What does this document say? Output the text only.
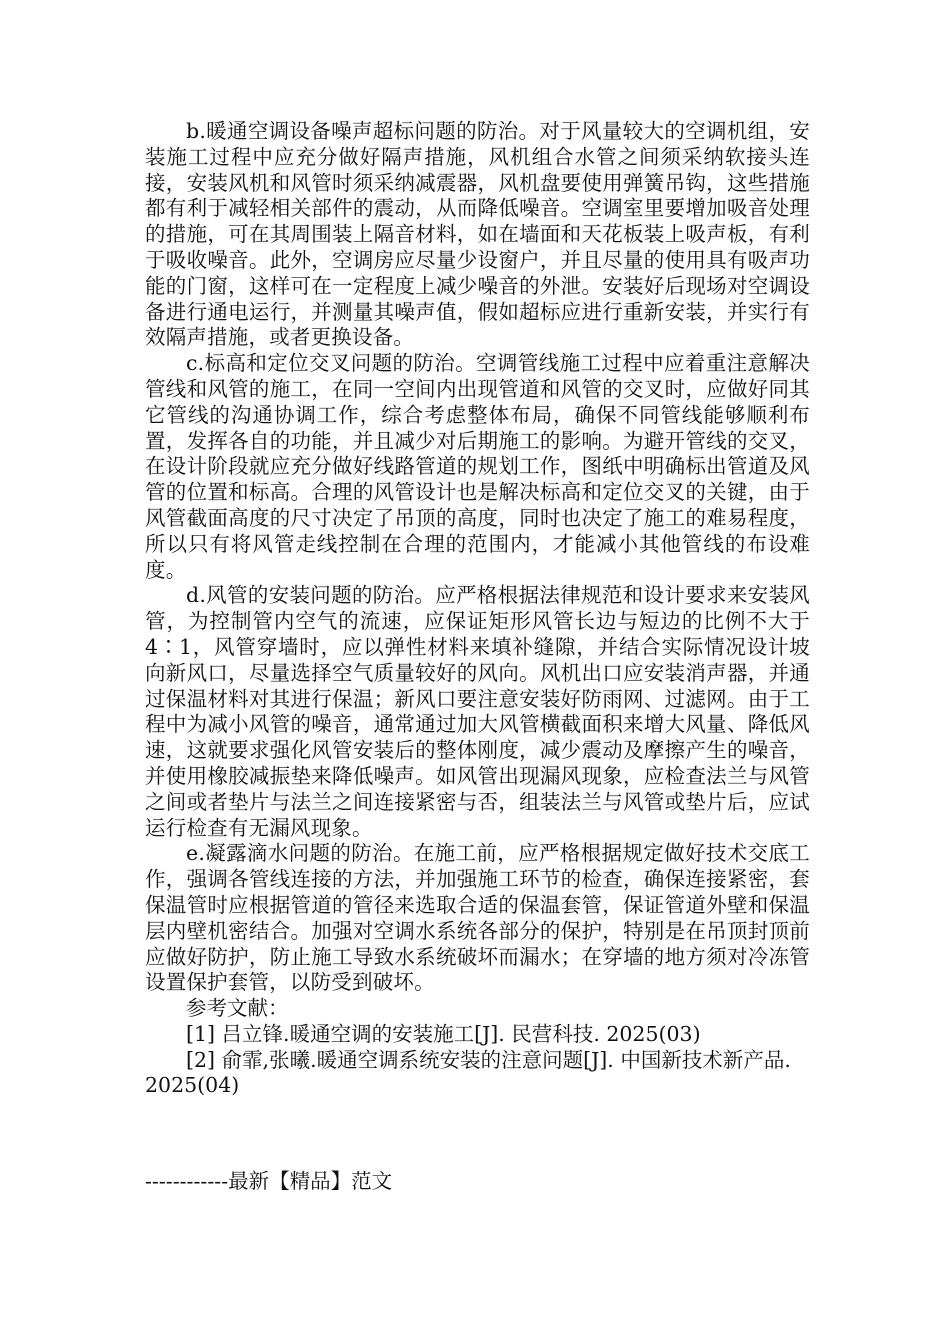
b.暖通空调设备噪声超标问题的防治。对于风量较大的空调机组，安装施工过程中应充分做好隔声措施，风机组合水管之间须采纳软接头连接，安装风机和风管时须采纳减震器，风机盘要使用弹簧吊钩，这些措施都有利于减轻相关部件的震动，从而降低噪音。空调室里要增加吸音处理的措施，可在其周围装上隔音材料，如在墙面和天花板装上吸声板，有利于吸收噪音。此外，空调房应尽量少设窗户，并且尽量的使用具有吸声功能的门窗，这样可在一定程度上减少噪音的外泄。安装好后现场对空调设备进行通电运行，并测量其噪声值，假如超标应进行重新安装，并实行有效隔声措施，或者更换设备。

c.标高和定位交叉问题的防治。空调管线施工过程中应着重注意解决管线和风管的施工，在同一空间内出现管道和风管的交叉时，应做好同其它管线的沟通协调工作，综合考虑整体布局，确保不同管线能够顺利布置，发挥各自的功能，并且减少对后期施工的影响。为避开管线的交叉，在设计阶段就应充分做好线路管道的规划工作，图纸中明确标出管道及风管的位置和标高。合理的风管设计也是解决标高和定位交叉的关键，由于风管截面高度的尺寸决定了吊顶的高度，同时也决定了施工的难易程度，所以只有将风管走线控制在合理的范围内，才能减小其他管线的布设难度。

d.风管的安装问题的防治。应严格根据法律规范和设计要求来安装风管，为控制管内空气的流速，应保证矩形风管长边与短边的比例不大于4∶1，风管穿墙时，应以弹性材料来填补缝隙，并结合实际情况设计坡向新风口，尽量选择空气质量较好的风向。风机出口应安装消声器，并通过保温材料对其进行保温；新风口要注意安装好防雨网、过滤网。由于工程中为减小风管的噪音，通常通过加大风管横截面积来增大风量、降低风速，这就要求强化风管安装后的整体刚度，减少震动及摩擦产生的噪音，并使用橡胶减振垫来降低噪声。如风管出现漏风现象，应检查法兰与风管之间或者垫片与法兰之间连接紧密与否，组装法兰与风管或垫片后，应试运行检查有无漏风现象。

e.凝露滴水问题的防治。在施工前，应严格根据规定做好技术交底工作，强调各管线连接的方法，并加强施工环节的检查，确保连接紧密，套保温管时应根据管道的管径来选取合适的保温套管，保证管道外壁和保温层内壁机密结合。加强对空调水系统各部分的保护，特别是在吊顶封顶前应做好防护，防止施工导致水系统破坏而漏水；在穿墙的地方须对冷冻管设置保护套管，以防受到破坏。

参考文献：

[1] 吕立锋.暖通空调的安装施工[J]. 民营科技. 2025(03)

[2] 俞霏,张曦.暖通空调系统安装的注意问题[J]. 中国新技术新产品. 2025(04)

------------最新【精品】范文
